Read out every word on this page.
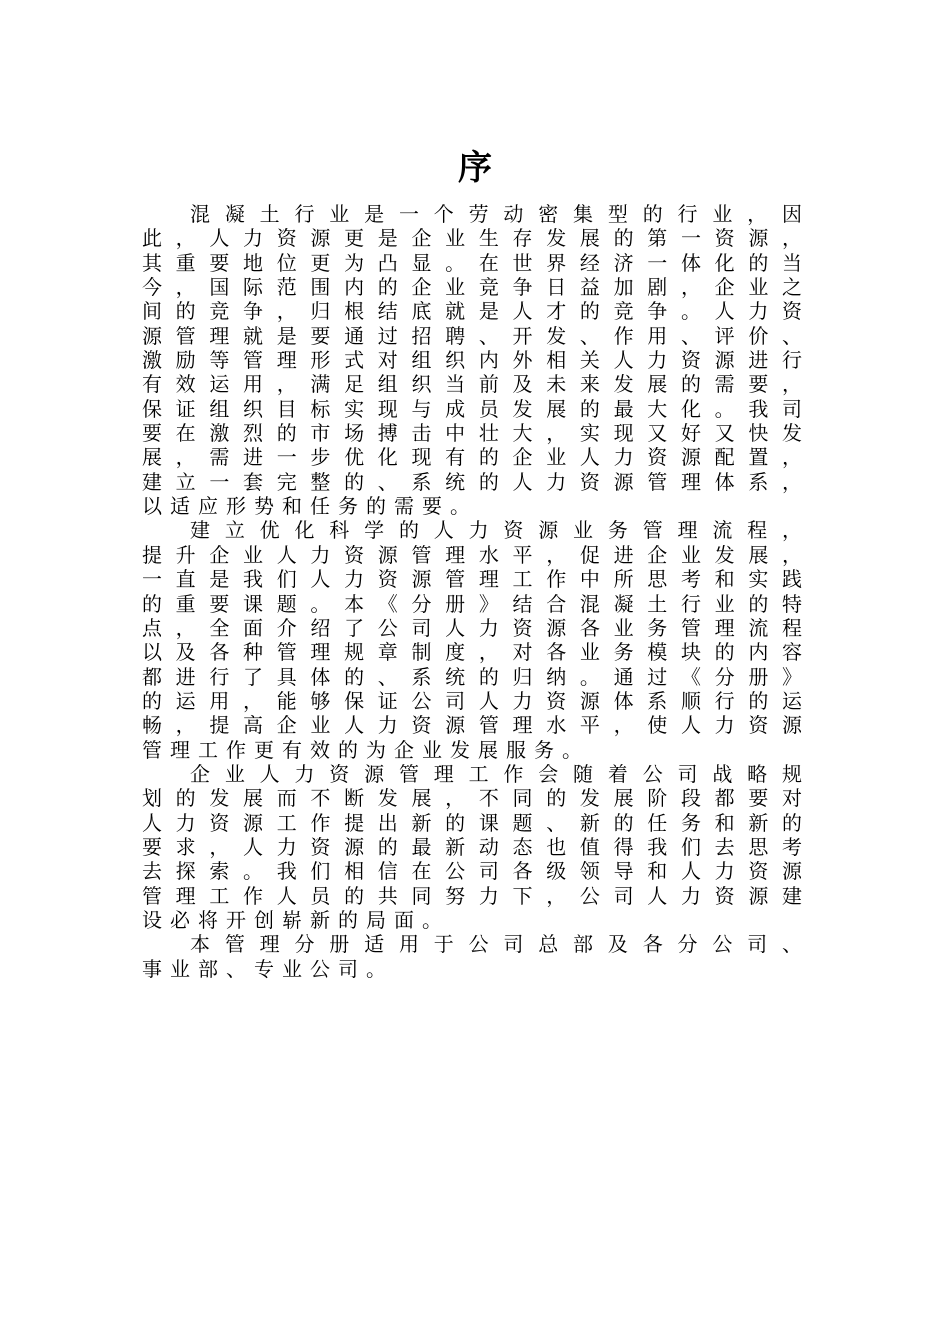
序
混凝土行业是一个劳动密集型的行业，因
此，人力资源更是企业生存发展的第一资源，
其重要地位更为凸显。在世界经济一体化的当
今，国际范围内的企业竞争日益加剧，企业之
间的竞争，归根结底就是人才的竞争。人力资
源管理就是要通过招聘、开发、作用、评价、
激励等管理形式对组织内外相关人力资源进行
有效运用，满足组织当前及未来发展的需要，
保证组织目标实现与成员发展的最大化。我司
要在激烈的市场搏击中壮大，实现又好又快发
展，需进一步优化现有的企业人力资源配置，
建立一套完整的、系统的人力资源管理体系，
以适应形势和任务的需要。
建立优化科学的人力资源业务管理流程，
提升企业人力资源管理水平，促进企业发展，
一直是我们人力资源管理工作中所思考和实践
的重要课题。本《分册》结合混凝土行业的特
点，全面介绍了公司人力资源各业务管理流程
以及各种管理规章制度，对各业务模块的内容
都进行了具体的、系统的归纳。通过《分册》
的运用，能够保证公司人力资源体系顺行的运
畅，提高企业人力资源管理水平，使人力资源
管理工作更有效的为企业发展服务。
企业人力资源管理工作会随着公司战略规
划的发展而不断发展，不同的发展阶段都要对
人力资源工作提出新的课题、新的任务和新的
要求，人力资源的最新动态也值得我们去思考
去探索。我们相信在公司各级领导和人力资源
管理工作人员的共同努力下，公司人力资源建
设必将开创崭新的局面。
本管理分册适用于公司总部及各分公司、
事业部、专业公司。
